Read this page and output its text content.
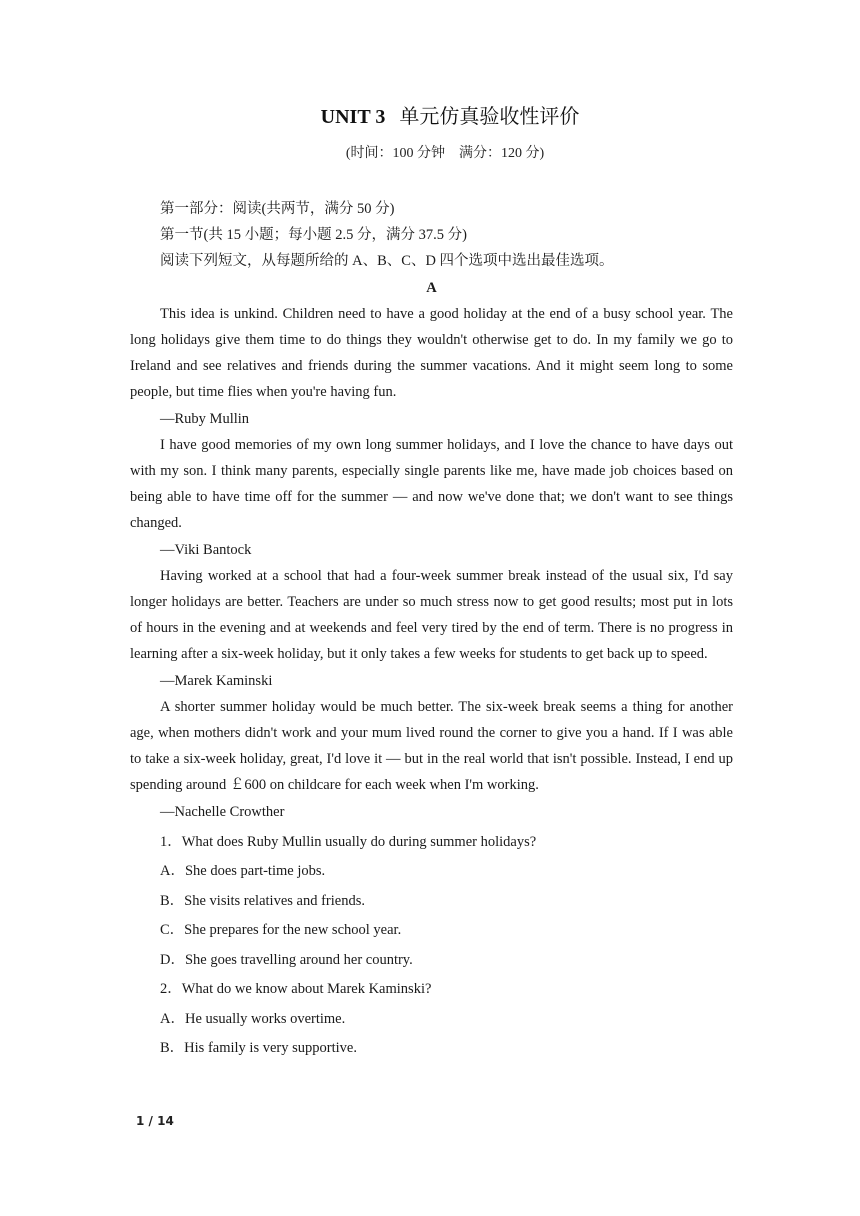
UNIT 3 单元仿真验收性评价
(时间：100 分钟　满分：120 分)

第一部分：阅读(共两节，满分 50 分)

第一节(共 15 小题；每小题 2.5 分，满分 37.5 分)

阅读下列短文，从每题所给的 A、B、C、D 四个选项中选出最佳选项。

A

This idea is unkind. Children need to have a good holiday at the end of a busy school year. The long holidays give them time to do things they wouldn't otherwise get to do. In my family we go to Ireland and see relatives and friends during the summer vacations. And it might seem long to some people, but time flies when you're having fun.

—Ruby Mullin

I have good memories of my own long summer holidays, and I love the chance to have days out with my son. I think many parents, especially single parents like me, have made job choices based on being able to have time off for the summer — and now we've done that; we don't want to see things changed.

—Viki Bantock

Having worked at a school that had a four-week summer break instead of the usual six, I'd say longer holidays are better. Teachers are under so much stress now to get good results; most put in lots of hours in the evening and at weekends and feel very tired by the end of term. There is no progress in learning after a six-week holiday, but it only takes a few weeks for students to get back up to speed.

—Marek Kaminski

A shorter summer holiday would be much better. The six-week break seems a thing for another age, when mothers didn't work and your mum lived round the corner to give you a hand. If I was able to take a six-week holiday, great, I'd love it — but in the real world that isn't possible. Instead, I end up spending around ￡600 on childcare for each week when I'm working.

—Nachelle Crowther

1．What does Ruby Mullin usually do during summer holidays?

A．She does part-time jobs.

B．She visits relatives and friends.

C．She prepares for the new school year.

D．She goes travelling around her country.

2．What do we know about Marek Kaminski?

A．He usually works overtime.

B．His family is very supportive.

1 / 14
